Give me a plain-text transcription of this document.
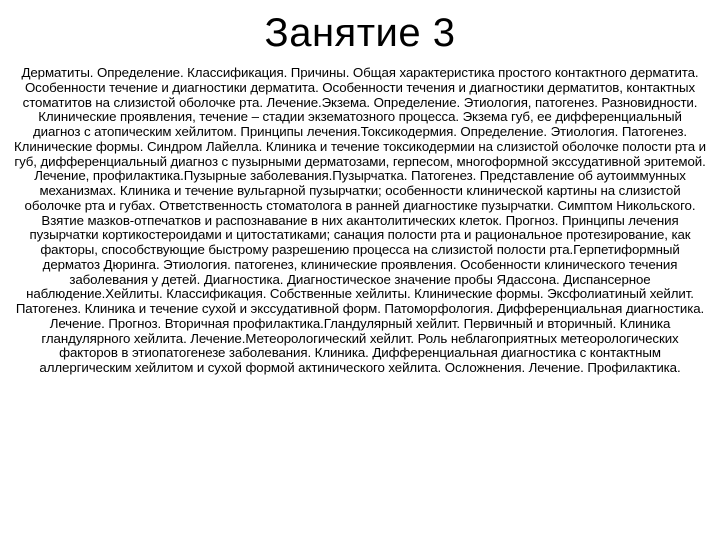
Занятие 3
Дерматиты. Определение. Классификация. Причины. Общая характеристика простого контактного дерматита. Особенности течение и диагностики дерматита. Особенности течения и диагностики дерматитов, контактных стоматитов на слизистой оболочке рта. Лечение.Экзема. Определение. Этиология, патогенез. Разновидности. Клинические проявления, течение – стадии экзематозного процесса. Экзема губ, ее дифференциальный диагноз с атопическим хейлитом. Принципы лечения.Токсикодермия. Определение. Этиология. Патогенез. Клинические формы. Синдром Лайелла. Клиника и течение токсикодермии на слизистой оболочке полости рта и губ, дифференциальный диагноз с пузырными дерматозами, герпесом, многоформной экссудативной эритемой. Лечение, профилактика.Пузырные заболевания.Пузырчатка. Патогенез. Представление об аутоиммунных механизмах. Клиника и течение вульгарной пузырчатки; особенности клинической картины на слизистой оболочке рта и губах. Ответственность стоматолога в ранней диагностике пузырчатки. Симптом Никольского. Взятие мазков-отпечатков и распознавание в них акантолитических клеток. Прогноз. Принципы лечения пузырчатки кортикостероидами и цитостатиками; санация полости рта и рациональное протезирование, как факторы, способствующие быстрому разрешению процесса на слизистой полости рта.Герпетиформный дерматоз Дюринга. Этиология. патогенез, клинические проявления. Особенности клинического течения заболевания у детей. Диагностика. Диагностическое значение пробы Ядассона. Диспансерное наблюдение.Хейлиты. Классификация. Собственные хейлиты. Клинические формы. Эксфолиатиный хейлит. Патогенез. Клиника и течение сухой и экссудативной форм. Патоморфология. Дифференциальная диагностика. Лечение. Прогноз. Вторичная профилактика.Гландулярный хейлит. Первичный и вторичный. Клиника гландулярного хейлита. Лечение.Метеорологический хейлит. Роль неблагоприятных метеорологических факторов в этиопатогенезе заболевания. Клиника. Дифференциальная диагностика с контактным аллергическим хейлитом и сухой формой актинического хейлита. Осложнения. Лечение. Профилактика.
